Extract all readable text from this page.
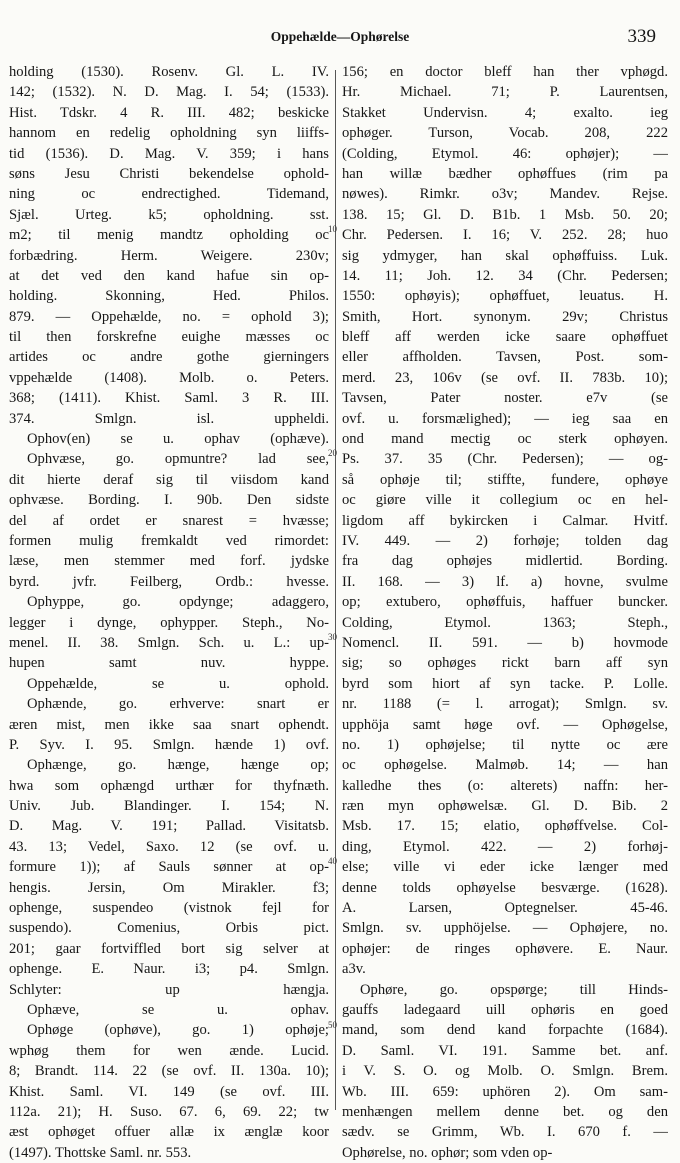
Oppehælde—Ophørelse	339
holding (1530). Rosenv. Gl. L. IV.
142; (1532). N. D. Mag. I. 54; (1533).
Hist. Tdskr. 4 R. III. 482; beskicke
hannom en redelig opholdning syn liiffs-
tid (1536). D. Mag. V. 359; i hans
søns Jesu Christi bekendelse ophold-
ning oc endrectighed. Tidemand,
Sjæl. Urteg. k5; opholdning. sst.
m2; til menig mandtz opholding oc
forbædring. Herm. Weigere. 230v;
at det ved den kand hafue sin op-
holding. Skonning, Hed. Philos.
879. — Oppehælde, no. = ophold 3);
til then forskrefne euighe mæsses oc
artides oc andre gothe gierningers
vppehælde (1408). Molb. o. Peters.
368; (1411). Khist. Saml. 3 R. III.
374. Smlgn. isl. uppheldi.
Ophov(en) se u. ophav (ophæve).
Ophvæse, go. opmuntre? lad see,
dit hierte deraf sig til viisdom kand
ophvæse. Bording. I. 90b. Den sidste
del af ordet er snarest = hvæsse;
formen mulig fremkaldt ved rimordet:
læse, men stemmer med forf. jydske
byrd. jvfr. Feilberg, Ordb.: hvesse.
Ophyppe, go. opdynge; adaggero,
legger i dynge, ophypper. Steph., No-
menel. II. 38. Smlgn. Sch. u. L.: up-
hupen samt nuv. hyppe.
Oppehælde, se u. ophold.
Ophænde, go. erhverve: snart er
æren mist, men ikke saa snart ophendt.
P. Syv. I. 95. Smlgn. hænde 1) ovf.
Ophænge, go. hænge, hænge op;
hwa som ophængd urthær for thyfnæth.
Univ. Jub. Blandinger. I. 154; N.
D. Mag. V. 191; Pallad. Visitatsb.
43. 13; Vedel, Saxo. 12 (se ovf. u.
formure 1)); af Sauls sønner at op-
hengis. Jersin, Om Mirakler. f3;
ophenge, suspendeo (vistnok fejl for
suspendo). Comenius, Orbis pict.
201; gaar fortviffled bort sig selver at
ophenge. E. Naur. i3; p4. Smlgn.
Schlyter: up hængja.
Ophæve, se u. ophav.
Ophøge (ophøve), go. 1) ophøje;
wphøg them for wen ænde. Lucid.
8; Brandt. 114. 22 (se ovf. II. 130a. 10);
Khist. Saml. VI. 149 (se ovf. III.
112a. 21); H. Suso. 67. 6, 69. 22; tw
æst ophøget offuer allæ ix ænglæ koor
(1497). Thottske Saml. nr. 553.
156; en doctor bleff han ther vphøgd.
Hr. Michael. 71; P. Laurentsen,
Stakket Undervisn. 4; exalto. ieg
ophøger. Turson, Vocab. 208, 222
(Colding, Etymol. 46: ophøjer); —
han willæ bædher ophøffues (rim pa
nøwes). Rimkr. o3v; Mandev. Rejse.
138. 15; Gl. D. B1b. 1 Msb. 50. 20;
Chr. Pedersen. I. 16; V. 252. 28; huo
sig ydmyger, han skal ophøffuiss. Luk.
14. 11; Joh. 12. 34 (Chr. Pedersen;
1550: ophøyis); ophøffuet, leuatus. H.
Smith, Hort. synonym. 29v; Christus
bleff aff werden icke saare ophøffuet
eller affholden. Tavsen, Post. som-
merd. 23, 106v (se ovf. II. 783b. 10);
Tavsen, Pater noster. e7v (se
ovf. u. forsmælighed); — ieg saa en
ond mand mectig oc sterk ophøyen.
Ps. 37. 35 (Chr. Pedersen); — og-
så ophøje til; stiffte, fundere, ophøye
oc giøre ville it collegium oc en hel-
ligdom aff bykircken i Calmar. Hvitf.
IV. 449. — 2) forhøje; tolden dag
fra dag ophøjes midlertid. Bording.
II. 168. — 3) lf. a) hovne, svulme
op; extubero, ophøffuis, haffuer buncker.
Colding, Etymol. 1363; Steph.,
Nomencl. II. 591. — b) hovmode
sig; so ophøges rickt barn aff syn
byrd som hiort af syn tacke. P. Lolle.
nr. 1188 (= l. arrogat); Smlgn. sv.
upphöja samt høge ovf. — Ophøgelse,
no. 1) ophøjelse; til nytte oc ære
oc ophøgelse. Malmøb. 14; — han
kalledhe thes (o: alterets) naffn: her-
ræn myn ophøwelsæ. Gl. D. Bib. 2
Msb. 17. 15; elatio, ophøffvelse. Col-
ding, Etymol. 422. — 2) forhøj-
else; ville vi eder icke længer med
denne tolds ophøyelse besværge. (1628).
A. Larsen, Optegnelser. 45-46.
Smlgn. sv. upphöjelse. — Ophøjere, no.
ophøjer: de ringes ophøvere. E. Naur.
a3v.
Ophøre, go. opspørge; till Hinds-
gauffs ladegaard uill ophøris en goed
mand, som dend kand forpachte (1684).
D. Saml. VI. 191. Samme bet. anf.
i V. S. O. og Molb. O. Smlgn. Brem.
Wb. III. 659: uphören 2). Om sam-
menhængen mellem denne bet. og den
sædv. se Grimm, Wb. I. 670 f. —
Ophørelse, no. ophør; som vden op-
10
20
30
40
50
